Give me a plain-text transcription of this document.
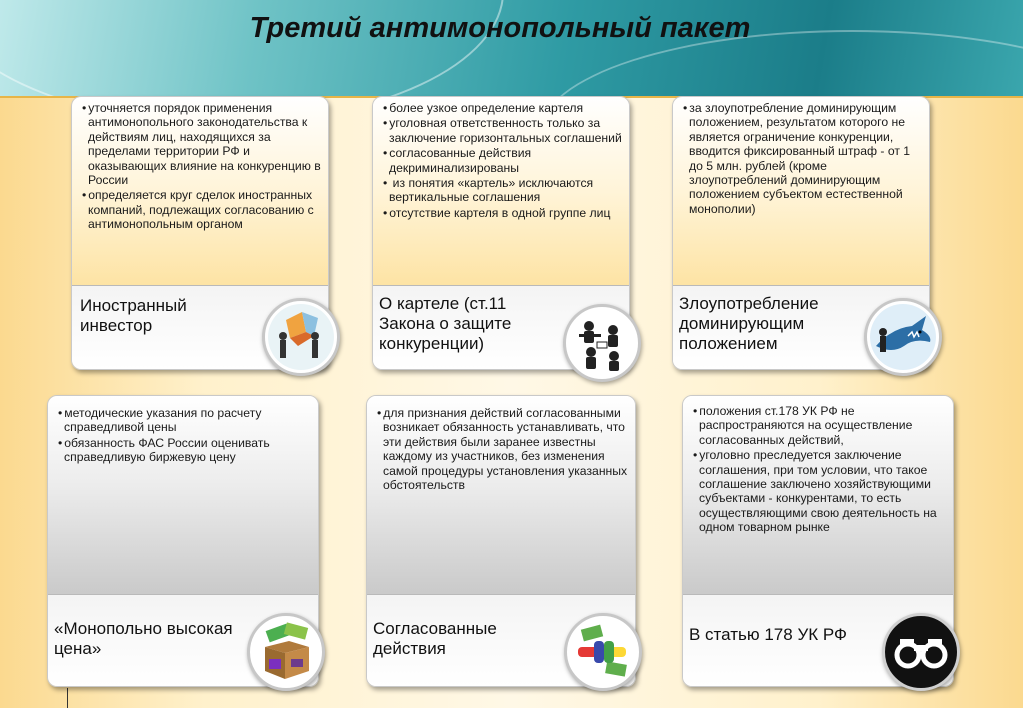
Третий антимонопольный пакет
• уточняется порядок применения антимонопольного законодательства к действиям лиц, находящихся за пределами территории РФ и оказывающих влияние на конкуренцию в России
• определяется круг сделок иностранных компаний, подлежащих согласованию с антимонопольным органом
Иностранный инвестор
• более узкое определение картеля
• уголовная ответственность только за заключение горизонтальных соглашений
• согласованные действия декриминализированы
• из понятия «картель» исключаются вертикальные соглашения
• отсутствие картеля в одной группе лиц
О картеле (ст.11 Закона о защите конкуренции)
• за злоупотребление доминирующим положением, результатом которого не является ограничение конкуренции, вводится фиксированный штраф - от 1 до 5 млн. рублей (кроме злоупотреблений доминирующим положением субъектом естественной монополии)
Злоупотребление доминирующим положением
• методические указания по расчету справедливой цены
• обязанность ФАС России оценивать справедливую биржевую цену
«Монопольно высокая цена»
• для признания действий согласованными возникает обязанность устанавливать, что эти действия были заранее известны каждому из участников, без изменения самой процедуры установления указанных обстоятельств
Согласованные действия
• положения ст.178 УК РФ не распространяются на осуществление согласованных действий,
• уголовно преследуется заключение соглашения, при том условии, что такое соглашение заключено хозяйствующими субъектами - конкурентами, то есть осуществляющими свою деятельность на одном товарном рынке
В статью 178 УК РФ
